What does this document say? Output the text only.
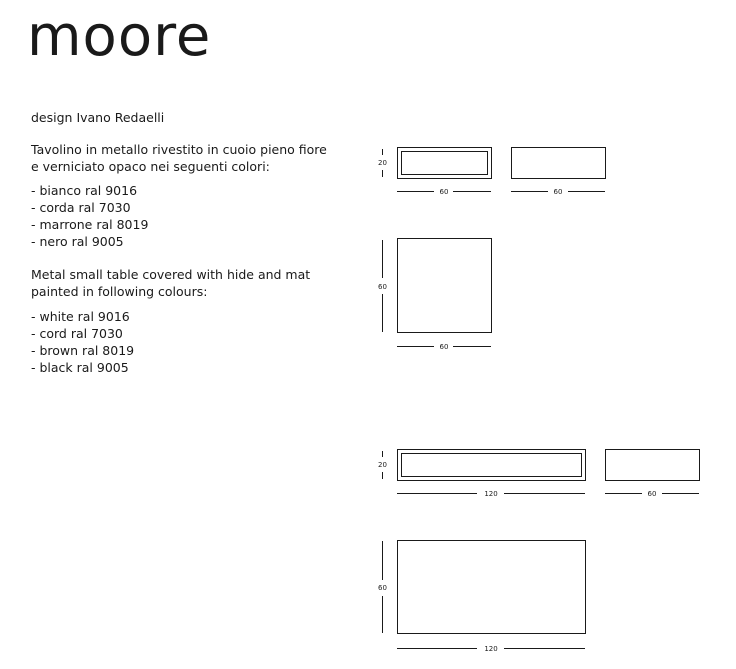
moore

design Ivano Redaelli

Tavolino in metallo rivestito in cuoio pieno fiore e verniciato opaco nei seguenti colori:

- bianco ral 9016
- corda ral 7030
- marrone ral 8019
- nero ral 9005

Metal small table covered with hide and mat painted in following colours:

- white ral 9016
- cord ral 7030
- brown ral 8019
- black ral 9005
20
60	60
60
60
20
120	60
60
120
